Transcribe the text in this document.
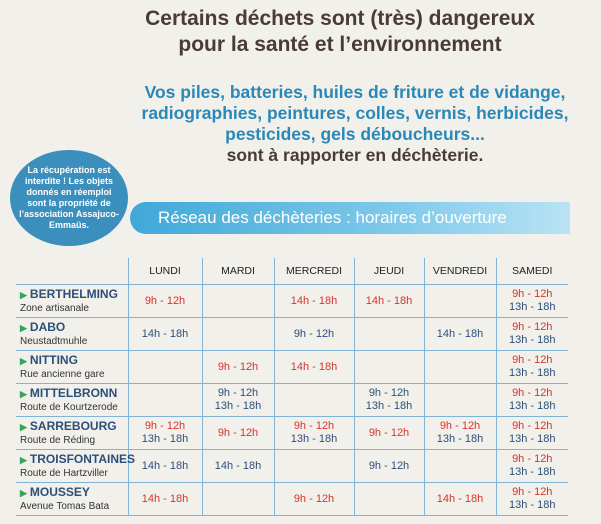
Certains déchets sont (très) dangereux
pour la santé et l’environnement
Vos piles, batteries, huiles de friture et de vidange,
radiographies, peintures, colles, vernis, herbicides,
pesticides, gels déboucheurs...
sont à rapporter en déchèterie.
La récupération est interdite ! Les objets donnés en réemploi sont la propriété de l’association Assajuco-Emmaüs.	Réseau des déchèteries : horaires d’ouverture
	LUNDI	MARDI	MERCREDI	JEUDI	VENDREDI	SAMEDI

▶ BERTHELMING
Zone artisanale	9h - 12h		14h - 18h	14h - 18h		9h - 12h
13h - 18h

▶ DABO
Neustadtmuhle	14h - 18h		9h - 12h		14h - 18h	9h - 12h
13h - 18h

▶ NITTING
Rue ancienne gare		9h - 12h	14h - 18h			9h - 12h
13h - 18h

▶ MITTELBRONN
Route de Kourtzerode		9h - 12h
13h - 18h		9h - 12h
13h - 18h		9h - 12h
13h - 18h

▶ SARREBOURG
Route de Réding	9h - 12h
13h - 18h	9h - 12h	9h - 12h
13h - 18h	9h - 12h	9h - 12h
13h - 18h	9h - 12h
13h - 18h

▶ TROISFONTAINES
Route de Hartzviller	14h - 18h	14h - 18h		9h - 12h		9h - 12h
13h - 18h

▶ MOUSSEY
Avenue Tomas Bata	14h - 18h		9h - 12h		14h - 18h	9h - 12h
13h - 18h
